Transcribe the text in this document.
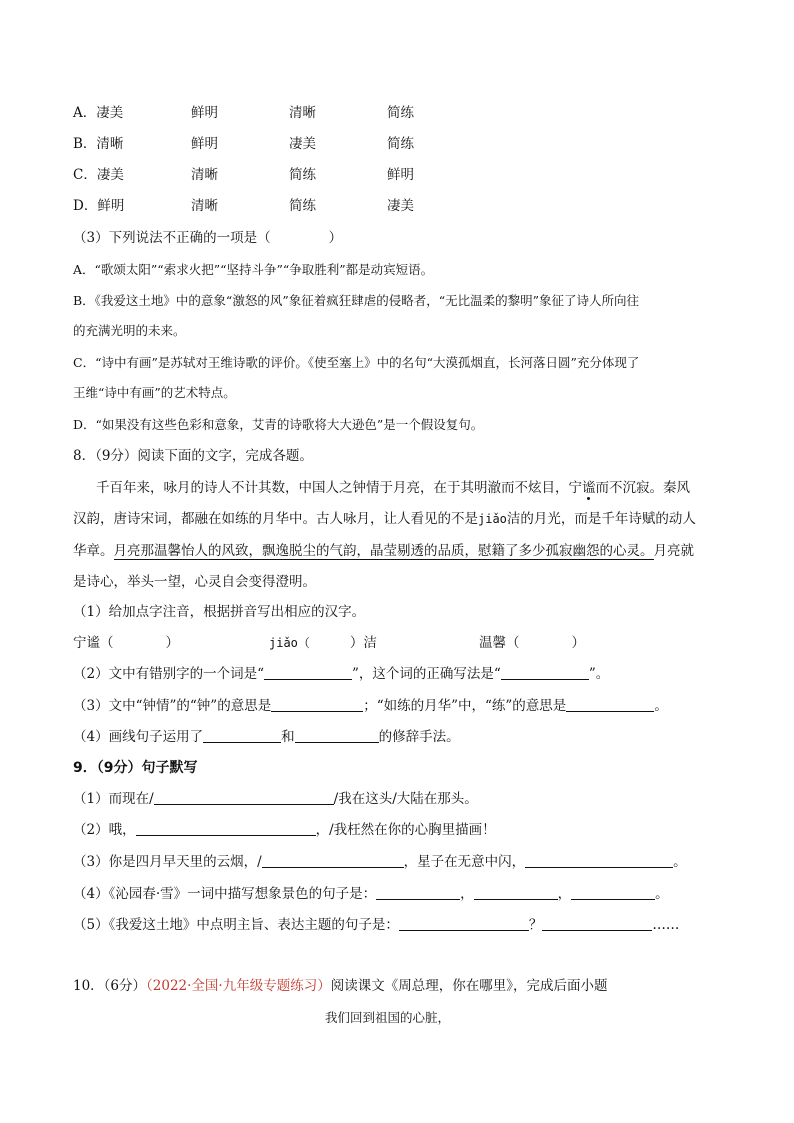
A．凄美	鲜明	清晰	简练
B．清晰	鲜明	凄美	简练
C．凄美	清晰	简练	鲜明
D．鲜明	清晰	简练	凄美
（3）下列说法不正确的一项是（	）
A．“歌颂太阳”“索求火把”“坚持斗争”“争取胜利”都是动宾短语。
B．《我爱这土地》中的意象“激怒的风”象征着疯狂肆虐的侵略者，“无比温柔的黎明”象征了诗人所向往
的充满光明的未来。
C．“诗中有画”是苏轼对王维诗歌的评价。《使至塞上》中的名句“大漠孤烟直，长河落日圆”充分体现了
王维“诗中有画”的艺术特点。
D．“如果没有这些色彩和意象，艾青的诗歌将大大逊色”是一个假设复句。
8．（9分）阅读下面的文字，完成各题。
千百年来，咏月的诗人不计其数，中国人之钟情于月亮，在于其明澈而不炫目，宁谧而不沉寂。秦风
汉韵，唐诗宋词，都融在如练的月华中。古人咏月，让人看见的不是jiǎo洁的月光，而是千年诗赋的动人
华章。月亮那温馨怡人的风致，飘逸脱尘的气韵，晶莹剔透的品质，慰籍了多少孤寂幽怨的心灵。月亮就
是诗心，举头一望，心灵自会变得澄明。
（1）给加点字注音，根据拼音写出相应的汉字。
宁谧（	）	jiǎo（	）洁	温馨（	）
（2）文中有错别字的一个词是“	”，这个词的正确写法是“	”。
（3）文中“钟情”的“钟”的意思是	；“如练的月华”中，“练”的意思是	。
（4）画线句子运用了	和	的修辞手法。
9．（9分）句子默写
（1）而现在/	/我在这头/大陆在那头。
（2）哦，	，/我枉然在你的心胸里描画！
（3）你是四月早天里的云烟，/	，星子在无意中闪，	。
（4）《沁园春·雪》一词中描写想象景色的句子是：	，	，	。
（5）《我爱这土地》中点明主旨、表达主题的句子是：	？	……
10．（6分）（2022·全国·九年级专题练习）阅读课文《周总理，你在哪里》，完成后面小题
我们回到祖国的心脏，
